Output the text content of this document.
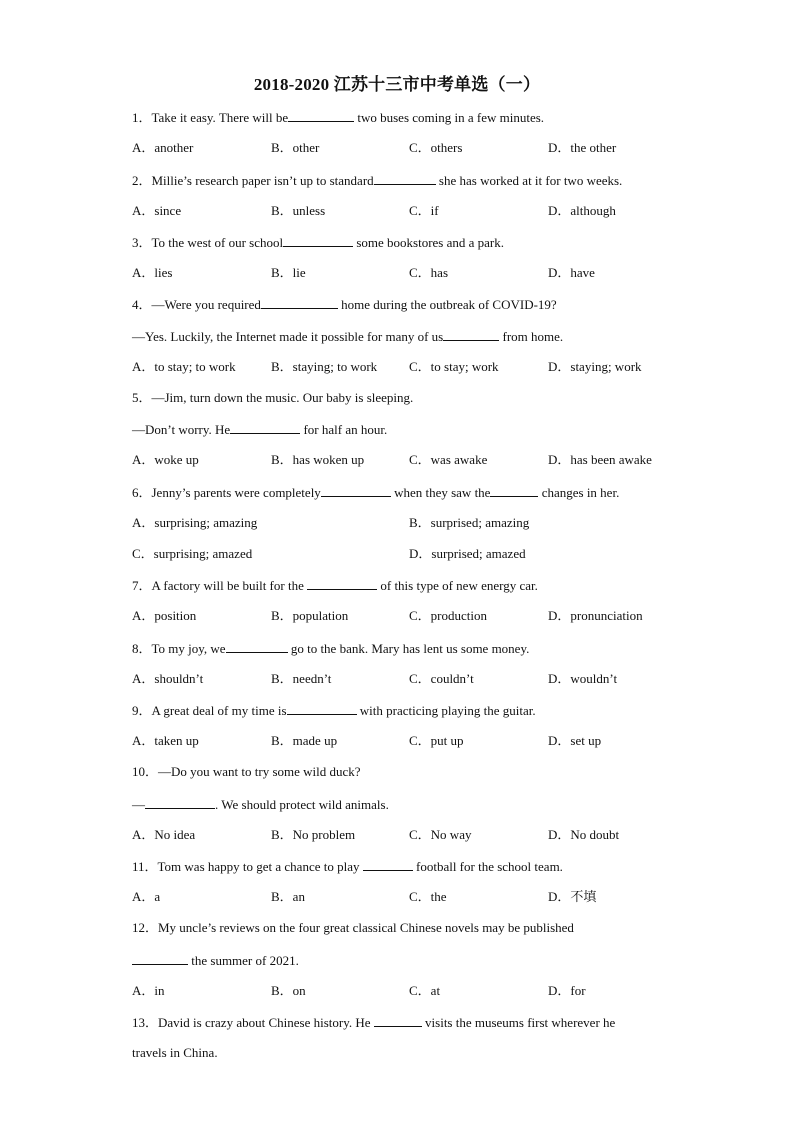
2018-2020 江苏十三市中考单选（一）
1．Take it easy. There will be	two buses coming in a few minutes.
A．another	B．other	C．others	D．the other
2．Millie’s research paper isn’t up to standard	she has worked at it for two weeks.
A．since	B．unless	C．if	D．although
3．To the west of our school	some bookstores and a park.
A．lies	B．lie	C．has	D．have
4．—Were you required	home during the outbreak of COVID-19?
—Yes. Luckily, the Internet made it possible for many of us	from home.
A．to stay; to work	B．staying; to work C．to stay; work	D．staying; work
5．—Jim, turn down the music. Our baby is sleeping.
—Don’t worry. He	for half an hour.
A．woke up	B．has woken up	C．was awake	D．has been awake
6．Jenny’s parents were completely	when they saw the	changes in her.
A．surprising; amazing	B．surprised; amazing
C．surprising; amazed	D．surprised; amazed
7．A factory will be built for the	of this type of new energy car.
A．position	B．population	C．production	D．pronunciation
8．To my joy, we	go to the bank. Mary has lent us some money.
A．shouldn’t	B．needn’t	C．couldn’t	D．wouldn’t
9．A great deal of my time is	with practicing playing the guitar.
A．taken up	B．made up	C．put up	D．set up
10．—Do you want to try some wild duck?
—	. We should protect wild animals.
A．No idea	B．No problem	C．No way	D．No doubt
11．Tom was happy to get a chance to play	football for the school team.
A．a	B．an	C．the	D．不填
12．My uncle’s reviews on the four great classical Chinese novels may be published
the summer of 2021.
A．in	B．on	C．at	D．for
13．David is crazy about Chinese history. He	visits the museums first wherever he
travels in China.
